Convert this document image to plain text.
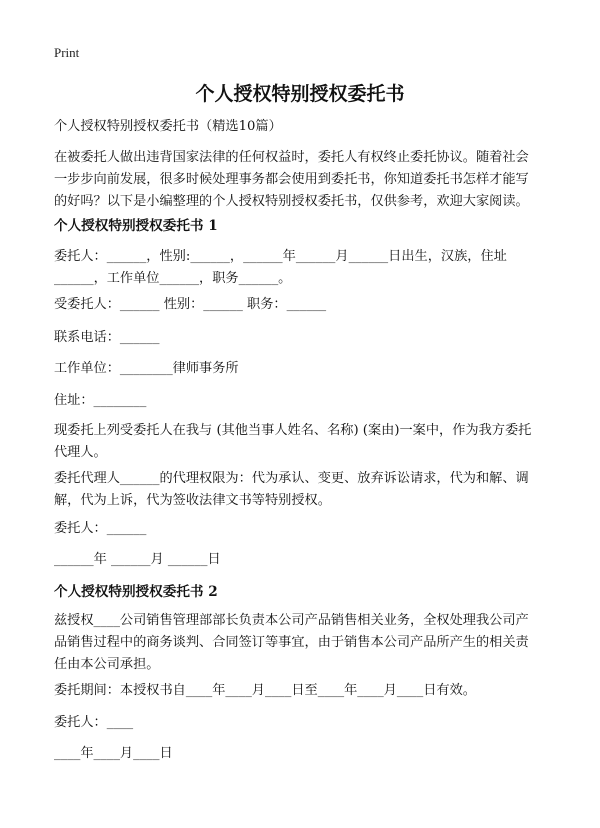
Print
个人授权特别授权委托书
个人授权特别授权委托书（精选10篇）
在被委托人做出违背国家法律的任何权益时，委托人有权终止委托协议。随着社会
一步步向前发展，很多时候处理事务都会使用到委托书，你知道委托书怎样才能写
的好吗？以下是小编整理的个人授权特别授权委托书，仅供参考，欢迎大家阅读。
个人授权特别授权委托书 1
委托人：______，性别:______，______年______月______日出生，汉族，住址
______，工作单位______，职务______。
受委托人：______ 性别：______ 职务：______
联系电话：______
工作单位：________律师事务所
住址：________
现委托上列受委托人在我与 (其他当事人姓名、名称) (案由)一案中，作为我方委托
代理人。
委托代理人______的代理权限为：代为承认、变更、放弃诉讼请求，代为和解、调
解，代为上诉，代为签收法律文书等特别授权。
委托人：______
______年 ______月 ______日
个人授权特别授权委托书 2
兹授权____公司销售管理部部长负责本公司产品销售相关业务，全权处理我公司产
品销售过程中的商务谈判、合同签订等事宜，由于销售本公司产品所产生的相关责
任由本公司承担。
委托期间：本授权书自____年____月____日至____年____月____日有效。
委托人：____
____年____月____日
